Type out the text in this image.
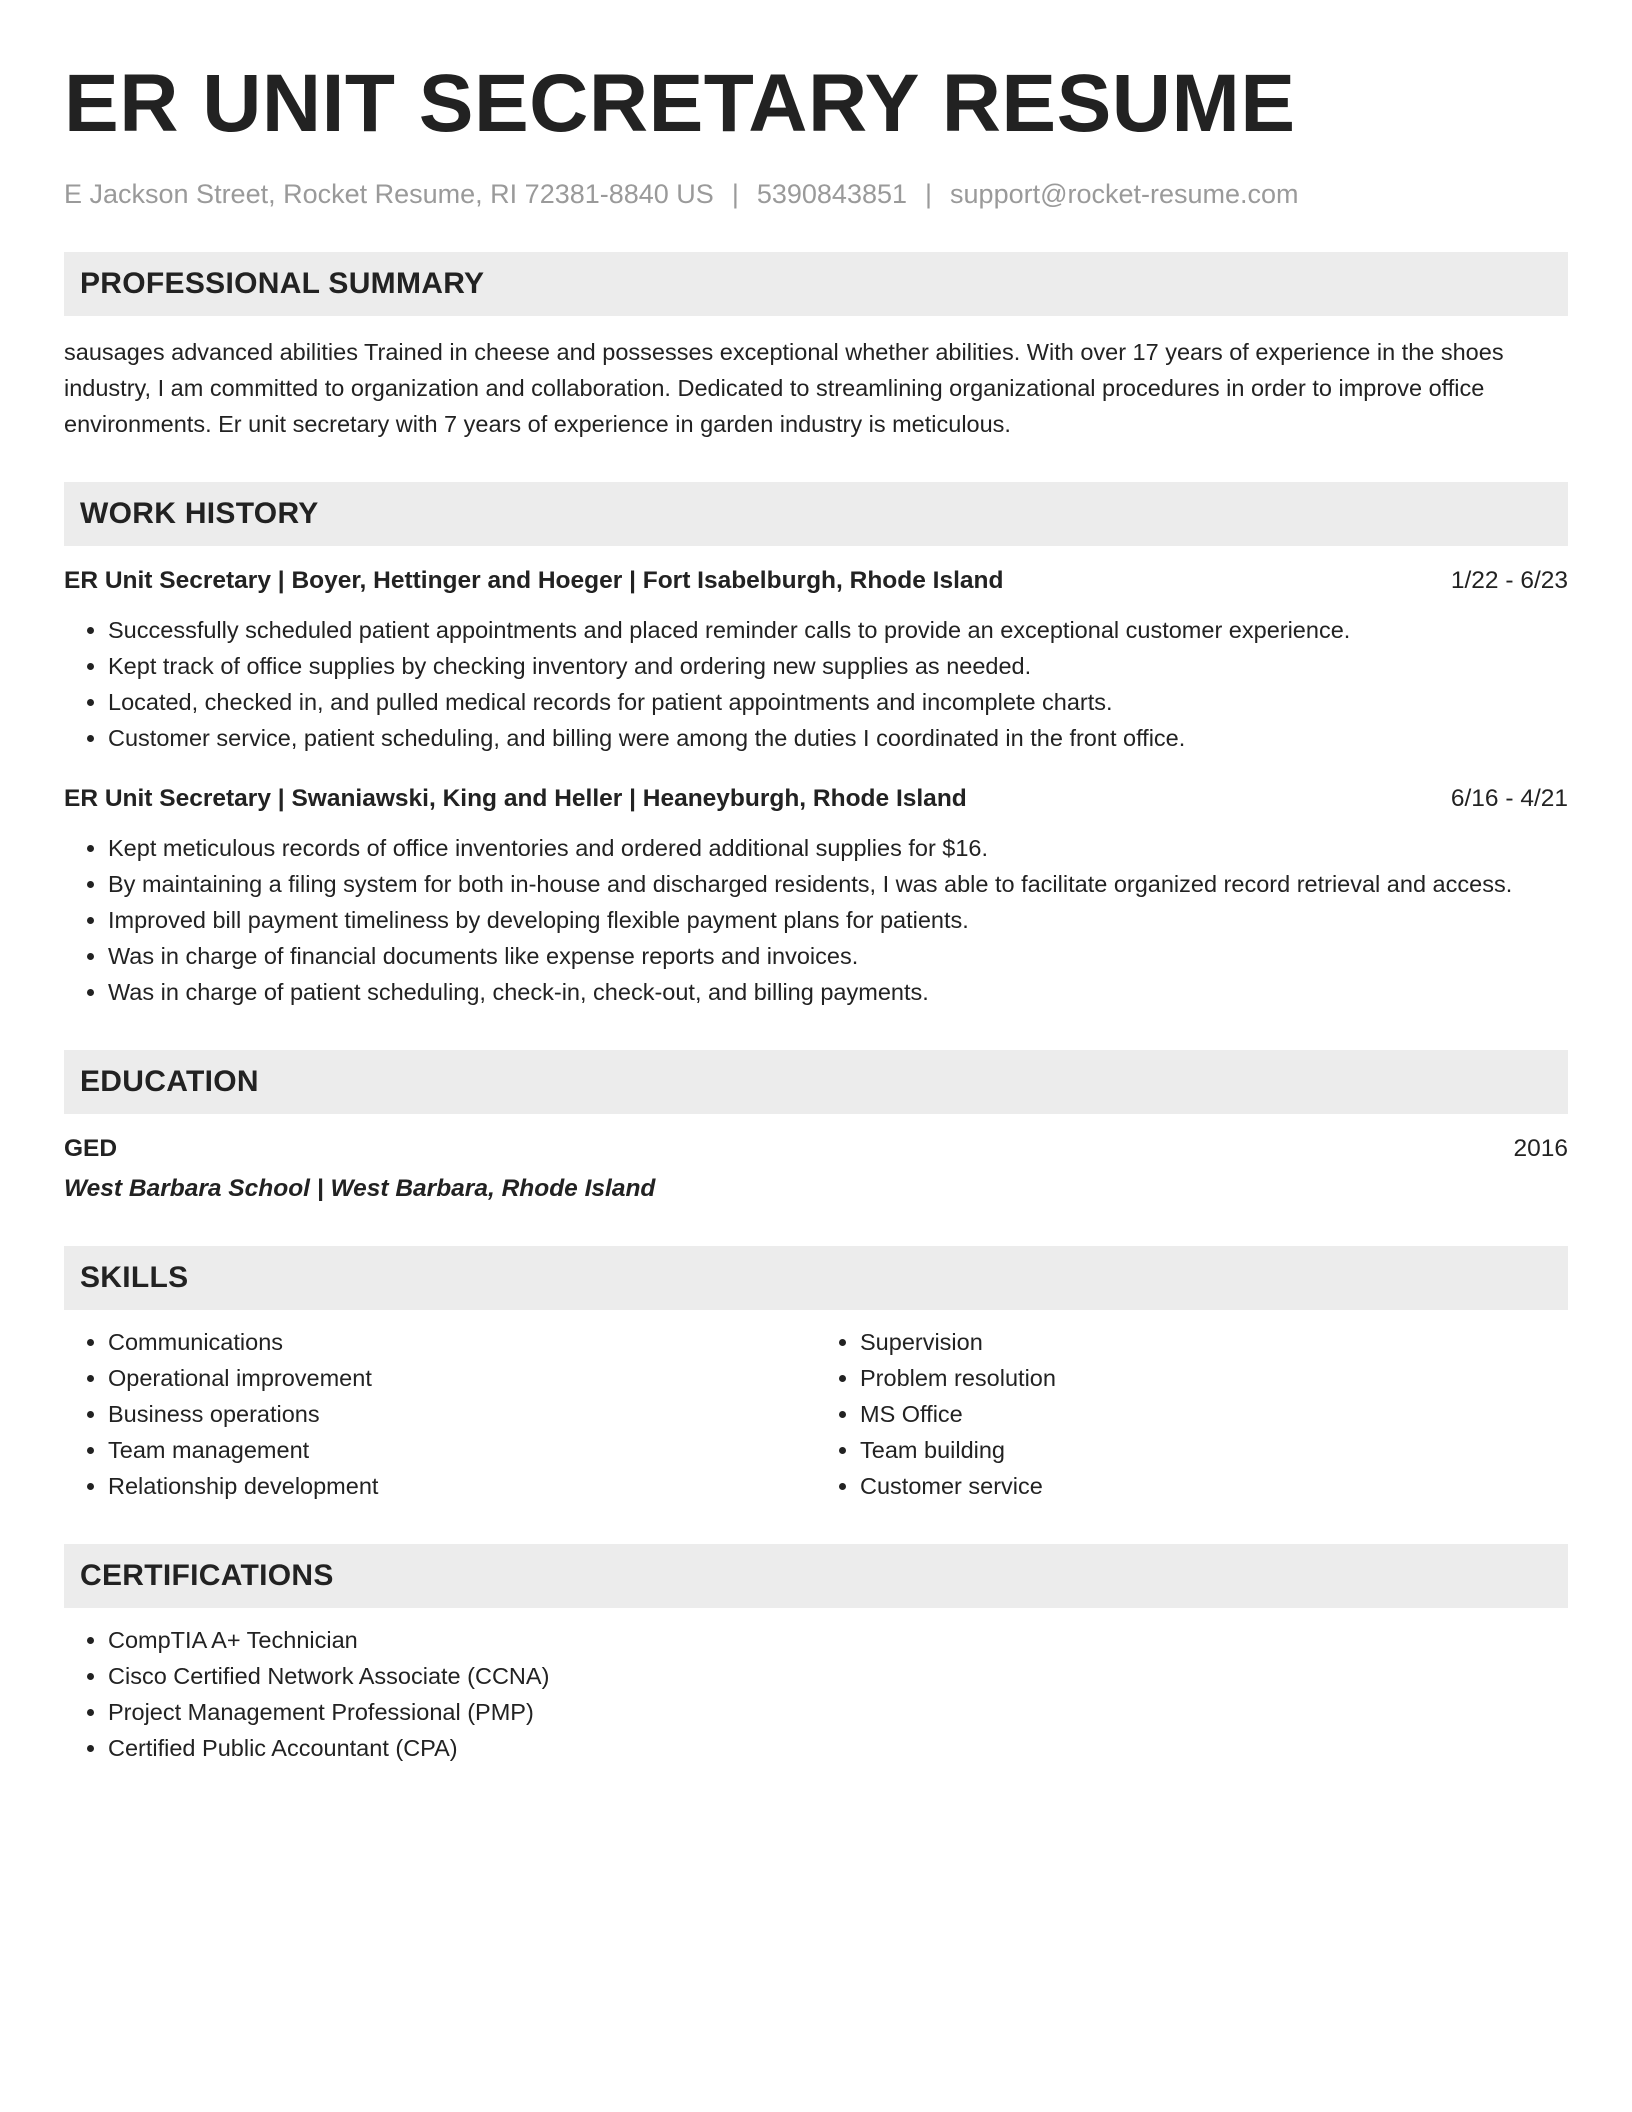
ER UNIT SECRETARY RESUME
E Jackson Street, Rocket Resume, RI 72381-8840 US | 5390843851 | support@rocket-resume.com
PROFESSIONAL SUMMARY

sausages advanced abilities Trained in cheese and possesses exceptional whether abilities. With over 17 years of experience in the shoes industry, I am committed to organization and collaboration. Dedicated to streamlining organizational procedures in order to improve office environments. Er unit secretary with 7 years of experience in garden industry is meticulous.

WORK HISTORY
ER Unit Secretary | Boyer, Hettinger and Hoeger | Fort Isabelburgh, Rhode Island	1/22 - 6/23
• Successfully scheduled patient appointments and placed reminder calls to provide an exceptional customer experience.
• Kept track of office supplies by checking inventory and ordering new supplies as needed.
• Located, checked in, and pulled medical records for patient appointments and incomplete charts.
• Customer service, patient scheduling, and billing were among the duties I coordinated in the front office.
ER Unit Secretary | Swaniawski, King and Heller | Heaneyburgh, Rhode Island	6/16 - 4/21
• Kept meticulous records of office inventories and ordered additional supplies for $16.
• By maintaining a filing system for both in-house and discharged residents, I was able to facilitate organized record retrieval and access.
• Improved bill payment timeliness by developing flexible payment plans for patients.
• Was in charge of financial documents like expense reports and invoices.
• Was in charge of patient scheduling, check-in, check-out, and billing payments.
EDUCATION
GED	2016
West Barbara School | West Barbara, Rhode Island
SKILLS
• Communications
• Operational improvement
• Business operations
• Team management
• Relationship development
• Supervision
• Problem resolution
• MS Office
• Team building
• Customer service
CERTIFICATIONS
• CompTIA A+ Technician
• Cisco Certified Network Associate (CCNA)
• Project Management Professional (PMP)
• Certified Public Accountant (CPA)
